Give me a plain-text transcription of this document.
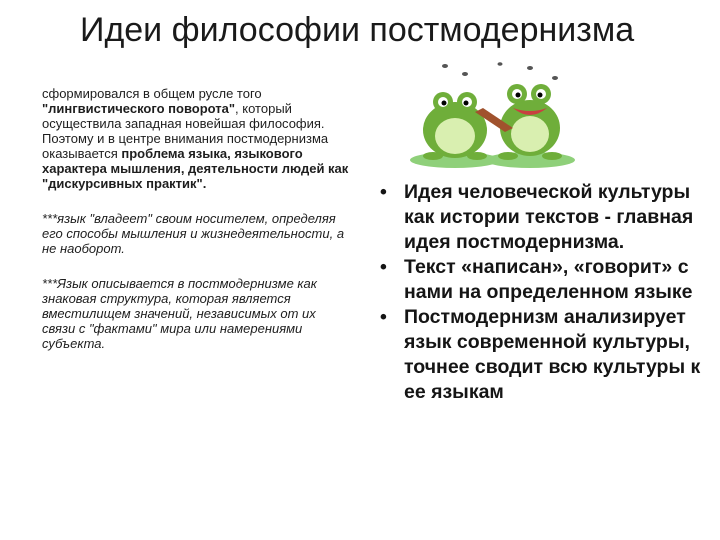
Идеи философии постмодернизма

сформировался в общем русле того "лингвистического поворота", который осуществила западная новейшая философия. Поэтому и в центре внимания постмодернизма оказывается проблема языка, языкового характера мышления, деятельности людей как "дискурсивных практик".

***язык "владеет" своим носителем, определяя его способы мышления и жизнедеятельности, а не наоборот.

***Язык описывается в постмодернизме как знаковая структура, которая является вместилищем значений, независимых от их связи с "фактами" мира или намерениями субъекта.

• Идея человеческой культуры как истории текстов - главная идея постмодернизма.
• Текст «написан», «говорит» с нами на определенном языке
• Постмодернизм анализирует язык современной культуры, точнее сводит всю культуры к ее языкам
